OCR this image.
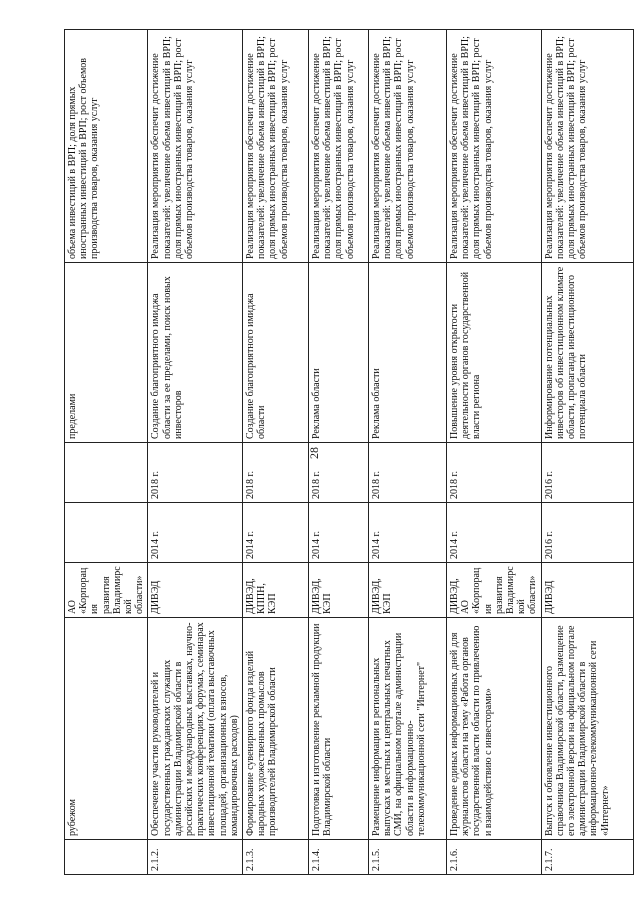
28
	рубежом	АО «Корпорация развития Владимирской области»			пределами	объема инвестиций в ВРП; доля прямых иностранных инвестиций в ВРП; рост объемов производства товаров, оказания услуг
2.1.2.	Обеспечение участия руководителей и государственных гражданских служащих администрации Владимирской области в российских и международных выставках, научно-практических конференциях, форумах, семинарах инвестиционной тематики (оплата выставочных площадей, организационных взносов, командировочных расходов)	ДИВЭД	2014 г.	2018 г.	Создание благоприятного имиджа области за ее пределами, поиск новых инвесторов	Реализация мероприятия обеспечит достижение показателей: увеличение объема инвестиций в ВРП; доля прямых иностранных инвестиций в ВРП; рост объемов производства товаров, оказания услуг
2.1.3.	Формирование сувенирного фонда изделий народных художественных промыслов производителей Владимирской области	ДИВЭД, КППН, КЭП	2014 г.	2018 г.	Создание благоприятного имиджа области	Реализация мероприятия обеспечит достижение показателей: увеличение объема инвестиций в ВРП; доля прямых иностранных инвестиций в ВРП; рост объемов производства товаров, оказания услуг
2.1.4.	Подготовка и изготовление рекламной продукции Владимирской области	ДИВЭД, КЭП	2014 г.	2018 г.	Реклама области	Реализация мероприятия обеспечит достижение показателей: увеличение объема инвестиций в ВРП; доля прямых иностранных инвестиций в ВРП; рост объемов производства товаров, оказания услуг
2.1.5.	Размещение информации в региональных выпусках в местных и центральных печатных СМИ, на официальном портале администрации области в информационно-телекоммуникационной сети "Интернет"	ДИВЭД, КЭП	2014 г.	2018 г.	Реклама области	Реализация мероприятия обеспечит достижение показателей: увеличение объема инвестиций в ВРП; доля прямых иностранных инвестиций в ВРП; рост объемов производства товаров, оказания услуг
2.1.6.	Проведение единых информационных дней для журналистов области на тему «Работа органов государственной власти области по привлечению и взаимодействию с инвесторами»	ДИВЭД, АО «Корпорация развития Владимирской области»	2014 г.	2018 г.	Повышение уровня открытости деятельности органов государственной власти региона	Реализация мероприятия обеспечит достижение показателей: увеличение объема инвестиций в ВРП; доля прямых иностранных инвестиций в ВРП; рост объемов производства товаров, оказания услуг
2.1.7.	Выпуск и обновление инвестиционного справочника Владимирской области, размещение его электронной версии на официальном портале администрации Владимирской области в информационно-телекоммуникационной сети «Интернет»	ДИВЭД	2016 г.	2016 г.	Информирование потенциальных инвесторов об инвестиционном климате области, пропаганда инвестиционного потенциала области	Реализация мероприятия обеспечит достижение показателей: увеличение объема инвестиций в ВРП; доля прямых иностранных инвестиций в ВРП; рост объемов производства товаров, оказания услуг
